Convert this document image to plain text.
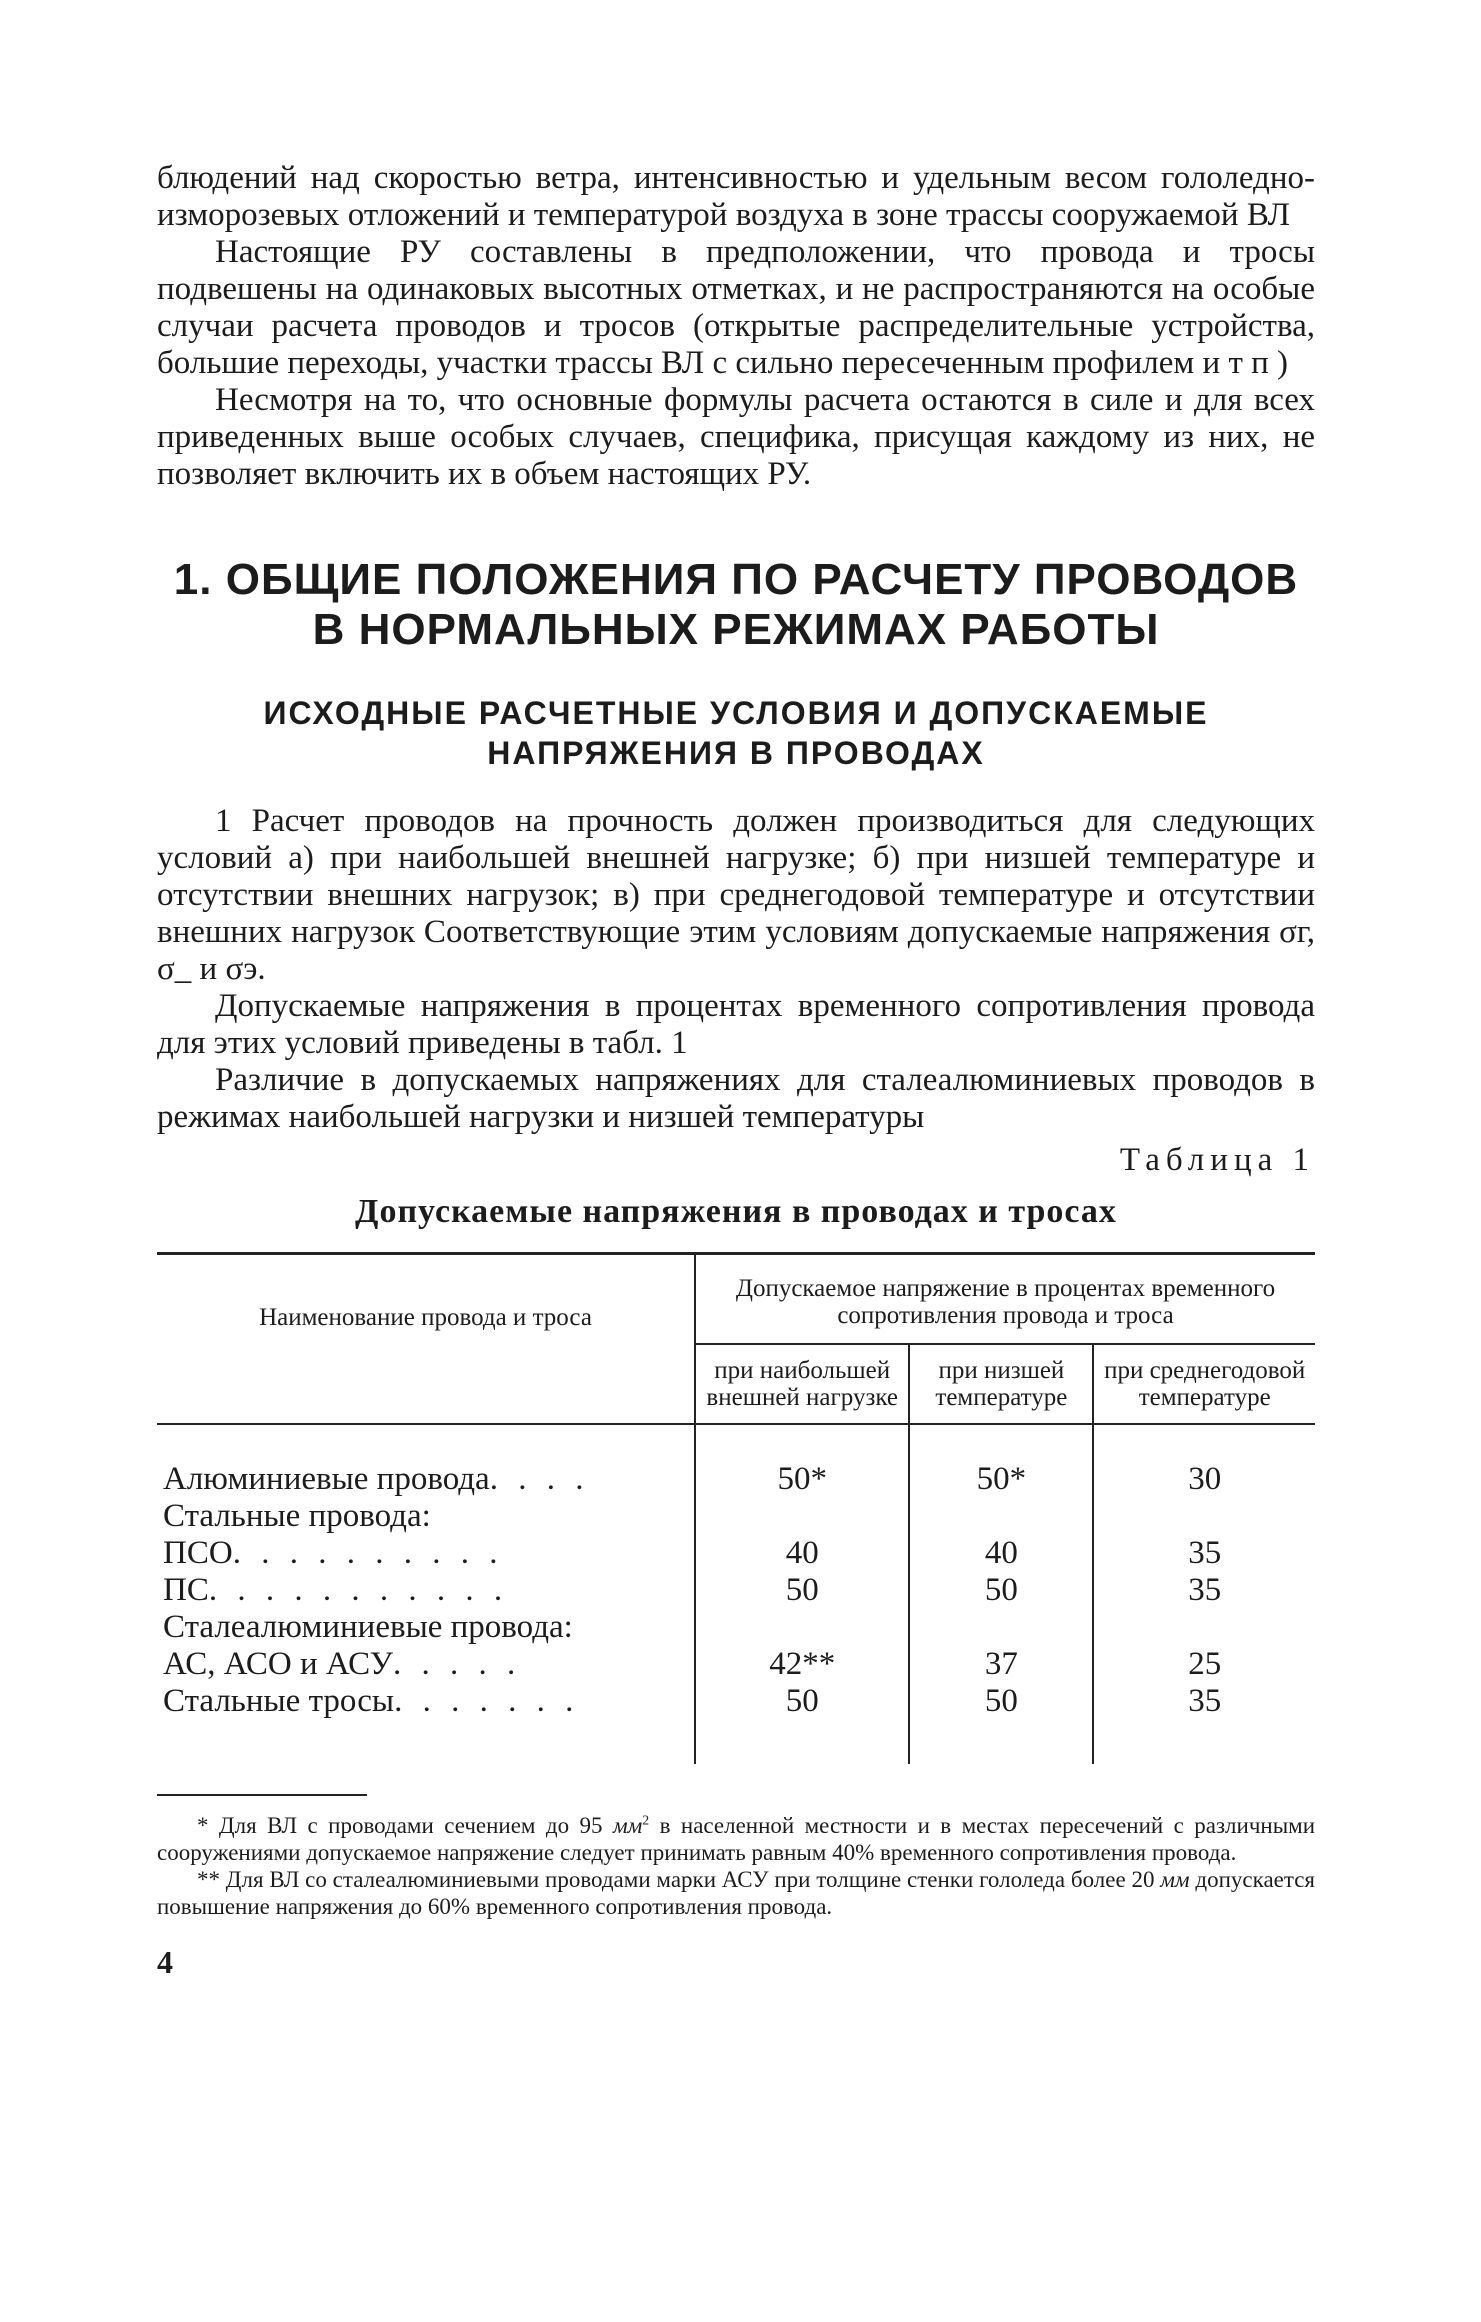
блюдений над скоростью ветра, интенсивностью и удельным весом гололедно-изморозевых отложений и температурой воздуха в зоне трассы сооружаемой ВЛ

Настоящие РУ составлены в предположении, что провода и тросы подвешены на одинаковых высотных отметках, и не распространяются на особые случаи расчета проводов и тросов (открытые распределительные устройства, большие переходы, участки трассы ВЛ с сильно пересеченным профилем и т п )

Несмотря на то, что основные формулы расчета остаются в силе и для всех приведенных выше особых случаев, специфика, присущая каждому из них, не позволяет включить их в объем настоящих РУ.

1. ОБЩИЕ ПОЛОЖЕНИЯ ПО РАСЧЕТУ ПРОВОДОВ
В НОРМАЛЬНЫХ РЕЖИМАХ РАБОТЫ
ИСХОДНЫЕ РАСЧЕТНЫЕ УСЛОВИЯ И ДОПУСКАЕМЫЕ
НАПРЯЖЕНИЯ В ПРОВОДАХ

1 Расчет проводов на прочность должен производиться для следующих условий а) при наибольшей внешней нагрузке; б) при низшей температуре и отсутствии внешних нагрузок; в) при среднегодовой температуре и отсутствии внешних нагрузок Соответствующие этим условиям допускаемые напряжения σг, σ_ и σэ.

Допускаемые напряжения в процентах временного сопротивления провода для этих условий приведены в табл. 1

Различие в допускаемых напряжениях для сталеалюминиевых проводов в режимах наибольшей нагрузки и низшей температуры

Таблица 1
Допускаемые напряжения в проводах и тросах
Наименование провода и троса	Допускаемое напряжение в процентах временного сопротивления провода и троса		
	при наибольшей внешней нагрузке	при низшей температуре	при среднегодовой температуре
Алюминиевые провода. . . .	50*	50*	30
Стальные провода:			
ПСО. . . . . . . . . .	40	40	35
ПС. . . . . . . . . . .	50	50	35
Сталеалюминиевые провода:			
АС, АСО и АСУ. . . . .	42**	37	25
Стальные тросы. . . . . . .	50	50	35

* Для ВЛ с проводами сечением до 95 $мм^2$ в населенной местности и в местах пересечений с различными сооружениями допускаемое напряжение следует принимать равным 40% временного сопротивления провода.

** Для ВЛ со сталеалюминиевыми проводами марки АСУ при толщине стенки гололеда более 20 мм допускается повышение напряжения до 60% временного сопротивления провода.

4
